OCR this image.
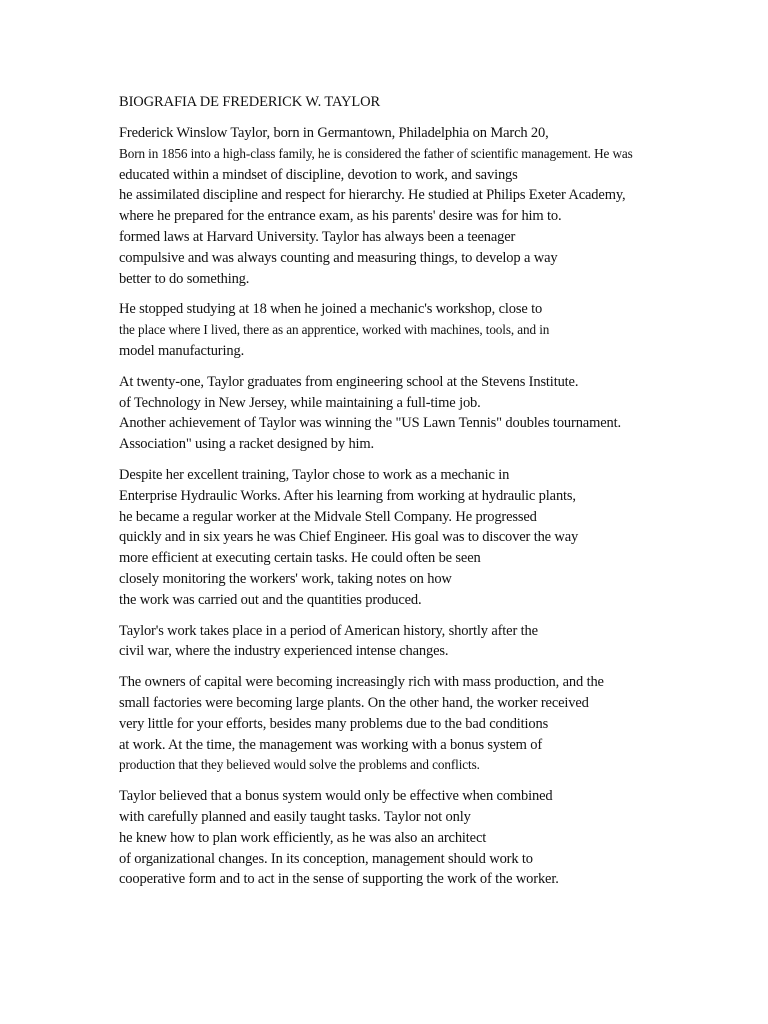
BIOGRAFIA DE FREDERICK W. TAYLOR
Frederick Winslow Taylor, born in Germantown, Philadelphia on March 20,
Born in 1856 into a high-class family, he is considered the father of scientific management. He was
educated within a mindset of discipline, devotion to work, and savings
he assimilated discipline and respect for hierarchy. He studied at Philips Exeter Academy,
where he prepared for the entrance exam, as his parents' desire was for him to.
formed laws at Harvard University. Taylor has always been a teenager
compulsive and was always counting and measuring things, to develop a way
better to do something.
He stopped studying at 18 when he joined a mechanic's workshop, close to
the place where I lived, there as an apprentice, worked with machines, tools, and in
model manufacturing.
At twenty-one, Taylor graduates from engineering school at the Stevens Institute.
of Technology in New Jersey, while maintaining a full-time job.
Another achievement of Taylor was winning the "US Lawn Tennis" doubles tournament.
Association" using a racket designed by him.
Despite her excellent training, Taylor chose to work as a mechanic in
Enterprise Hydraulic Works. After his learning from working at hydraulic plants,
he became a regular worker at the Midvale Stell Company. He progressed
quickly and in six years he was Chief Engineer. His goal was to discover the way
more efficient at executing certain tasks. He could often be seen
closely monitoring the workers' work, taking notes on how
the work was carried out and the quantities produced.
Taylor's work takes place in a period of American history, shortly after the
civil war, where the industry experienced intense changes.
The owners of capital were becoming increasingly rich with mass production, and the
small factories were becoming large plants. On the other hand, the worker received
very little for your efforts, besides many problems due to the bad conditions
at work. At the time, the management was working with a bonus system of
production that they believed would solve the problems and conflicts.
Taylor believed that a bonus system would only be effective when combined
with carefully planned and easily taught tasks. Taylor not only
he knew how to plan work efficiently, as he was also an architect
of organizational changes. In its conception, management should work to
cooperative form and to act in the sense of supporting the work of the worker.
